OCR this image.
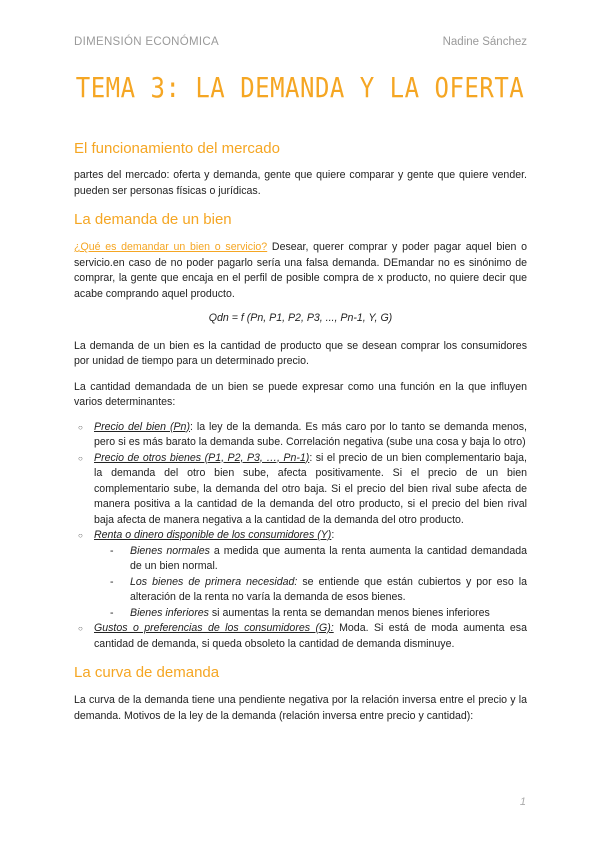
DIMENSIÓN ECONÓMICA	Nadine Sánchez
TEMA 3: LA DEMANDA Y LA OFERTA
El funcionamiento del mercado

partes del mercado: oferta y demanda, gente que quiere comparar y gente que quiere vender. pueden ser personas físicas o jurídicas.

La demanda de un bien

¿Qué es demandar un bien o servicio? Desear, querer comprar y poder pagar aquel bien o servicio.en caso de no poder pagarlo sería una falsa demanda. DEmandar no es sinónimo de comprar, la gente que encaja en el perfil de posible compra de x producto, no quiere decir que acabe comprando aquel producto.

Qdn = f (Pn, P1, P2, P3, ..., Pn-1, Y, G)

La demanda de un bien es la cantidad de producto que se desean comprar los consumidores por unidad de tiempo para un determinado precio.

La cantidad demandada de un bien se puede expresar como una función en la que influyen varios determinantes:

○ Precio del bien (Pn): la ley de la demanda. Es más caro por lo tanto se demanda menos, pero si es más barato la demanda sube. Correlación negativa (sube una cosa y baja lo otro)
○ Precio de otros bienes (P1, P2, P3, …, Pn-1): si el precio de un bien complementario baja, la demanda del otro bien sube, afecta positivamente. Si el precio de un bien complementario sube, la demanda del otro baja. Si el precio del bien rival sube afecta de manera positiva a la cantidad de la demanda del otro producto, si el precio del bien rival baja afecta de manera negativa a la cantidad de la demanda del otro producto.
○ Renta o dinero disponible de los consumidores (Y):
- Bienes normales a medida que aumenta la renta aumenta la cantidad demandada de un bien normal.
- Los bienes de primera necesidad: se entiende que están cubiertos y por eso la alteración de la renta no varía la demanda de esos bienes.
- Bienes inferiores si aumentas la renta se demandan menos bienes inferiores
○ Gustos o preferencias de los consumidores (G): Moda. Si está de moda aumenta esa cantidad de demanda, si queda obsoleto la cantidad de demanda disminuye.
La curva de demanda

La curva de la demanda tiene una pendiente negativa por la relación inversa entre el precio y la demanda. Motivos de la ley de la demanda (relación inversa entre precio y cantidad):

1
